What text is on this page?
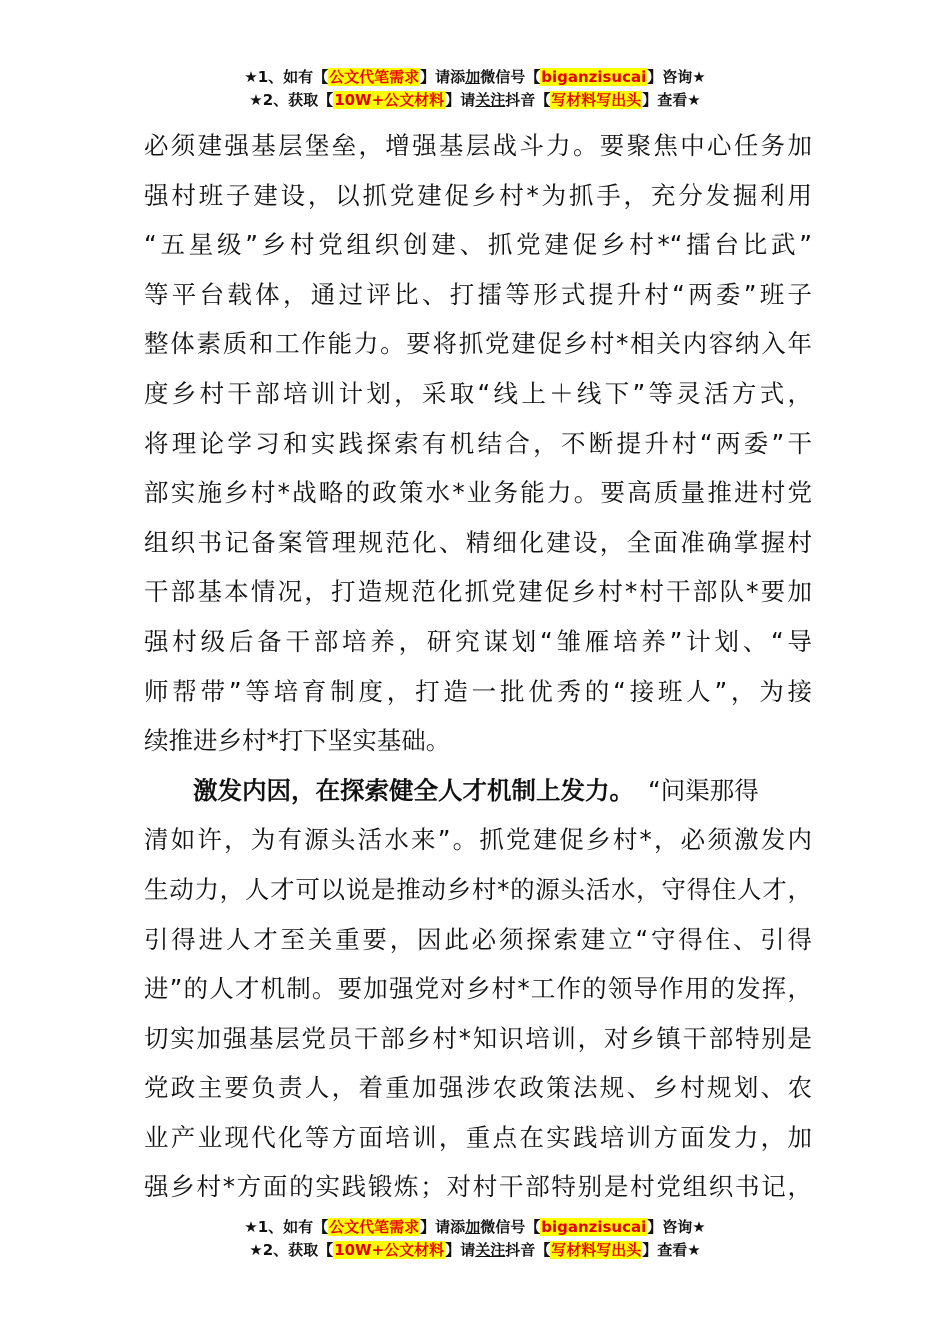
★1、如有【公文代笔需求】请添加微信号【biganzisucai】咨询★
★2、获取【10W+公文材料】请关注抖音【写材料写出头】查看★
必须建强基层堡垒，增强基层战斗力。要聚焦中心任务加
强村班子建设，以抓党建促乡村*为抓手，充分发掘利用
“五星级”乡村党组织创建、抓党建促乡村*“擂台比武”
等平台载体，通过评比、打擂等形式提升村“两委”班子
整体素质和工作能力。要将抓党建促乡村*相关内容纳入年
度乡村干部培训计划，采取“线上＋线下”等灵活方式，
将理论学习和实践探索有机结合，不断提升村“两委”干
部实施乡村*战略的政策水*业务能力。要高质量推进村党
组织书记备案管理规范化、精细化建设，全面准确掌握村
干部基本情况，打造规范化抓党建促乡村*村干部队*要加
强村级后备干部培养，研究谋划“雏雁培养”计划、“导
师帮带”等培育制度，打造一批优秀的“接班人”，为接
续推进乡村*打下坚实基础。
激发内因，在探索健全人才机制上发力。 “问渠那得
清如许，为有源头活水来”。抓党建促乡村*，必须激发内
生动力，人才可以说是推动乡村*的源头活水，守得住人才，
引得进人才至关重要，因此必须探索建立“守得住、引得
进”的人才机制。要加强党对乡村*工作的领导作用的发挥，
切实加强基层党员干部乡村*知识培训，对乡镇干部特别是
党政主要负责人，着重加强涉农政策法规、乡村规划、农
业产业现代化等方面培训，重点在实践培训方面发力，加
强乡村*方面的实践锻炼；对村干部特别是村党组织书记，
★1、如有【公文代笔需求】请添加微信号【biganzisucai】咨询★
★2、获取【10W+公文材料】请关注抖音【写材料写出头】查看★
